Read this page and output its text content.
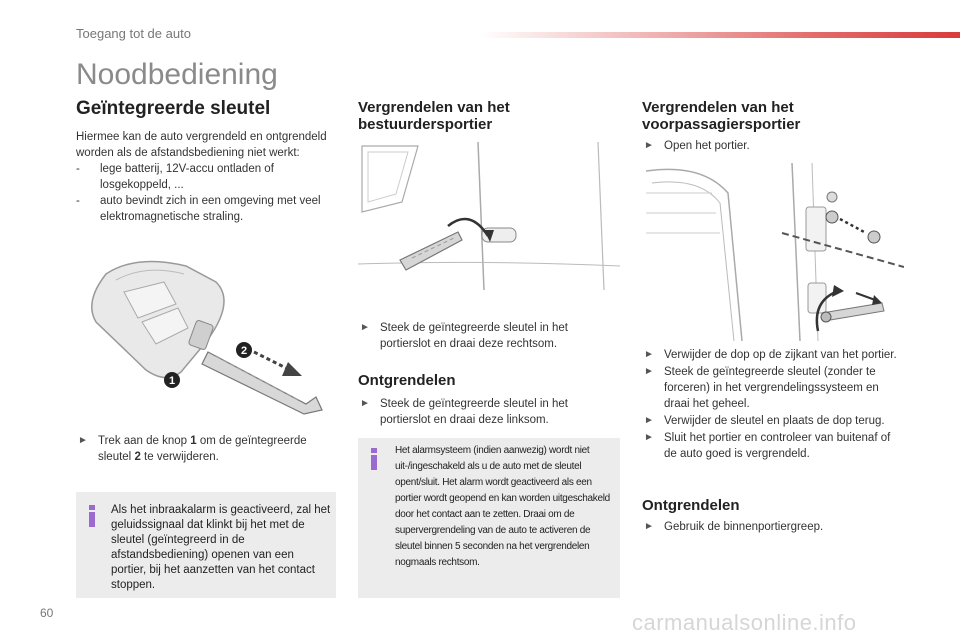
Toegang tot de auto
Noodbediening
Geïntegreerde sleutel

Hiermee kan de auto vergrendeld en ontgrendeld worden als de afstandsbediening niet werkt:

- lege batterij, 12V-accu ontladen of losgekoppeld, ...
- auto bevindt zich in een omgeving met veel elektromagnetische straling.
1
2
► Trek aan de knop 1 om de geïntegreerde sleutel 2 te verwijderen.

Als het inbraakalarm is geactiveerd, zal het geluidssignaal dat klinkt bij het met de sleutel (geïntegreerd in de afstandsbediening) openen van een portier, bij het aanzetten van het contact stoppen.

Vergrendelen van het bestuurdersportier
► Steek de geïntegreerde sleutel in het portierslot en draai deze rechtsom.
Ontgrendelen
► Steek de geïntegreerde sleutel in het portierslot en draai deze linksom.

Het alarmsysteem (indien aanwezig) wordt niet uit-/ingeschakeld als u de auto met de sleutel opent/sluit. Het alarm wordt geactiveerd als een portier wordt geopend en kan worden uitgeschakeld door het contact aan te zetten. Draai om de supervergrendeling van de auto te activeren de sleutel binnen 5 seconden na het vergrendelen nogmaals rechtsom.

Vergrendelen van het voorpassagiersportier
► Open het portier.
► Verwijder de dop op de zijkant van het portier.
► Steek de geïntegreerde sleutel (zonder te forceren) in het vergrendelingssysteem en draai het geheel.
► Verwijder de sleutel en plaats de dop terug.
► Sluit het portier en controleer van buitenaf of de auto goed is vergrendeld.
Ontgrendelen
► Gebruik de binnenportiergreep.
60	carmanualsonline.info
